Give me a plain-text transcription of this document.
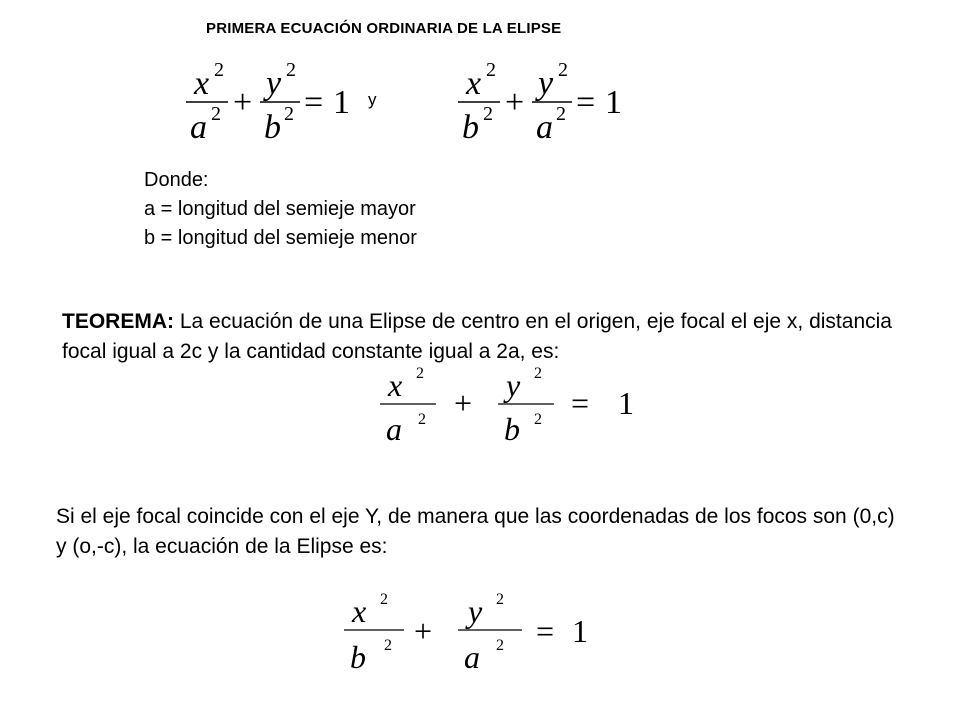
PRIMERA ECUACIÓN ORDINARIA DE LA ELIPSE
x 2
a 2 +
y 2
b 2 = 1 y	x 2
b 2 +
y 2
a 2 = 1
Donde:
a = longitud del semieje mayor
b = longitud del semieje menor
TEOREMA: La ecuación de una Elipse de centro en el origen, eje focal el eje x, distancia focal igual a 2c y la cantidad constante igual a 2a, es:
x 2
a 2 + y 2
b 2 = 1
Si el eje focal coincide con el eje Y, de manera que las coordenadas de los focos son (0,c) y (o,-c), la ecuación de la Elipse es:
x 2
b 2 +
y 2
a 2 = 1
